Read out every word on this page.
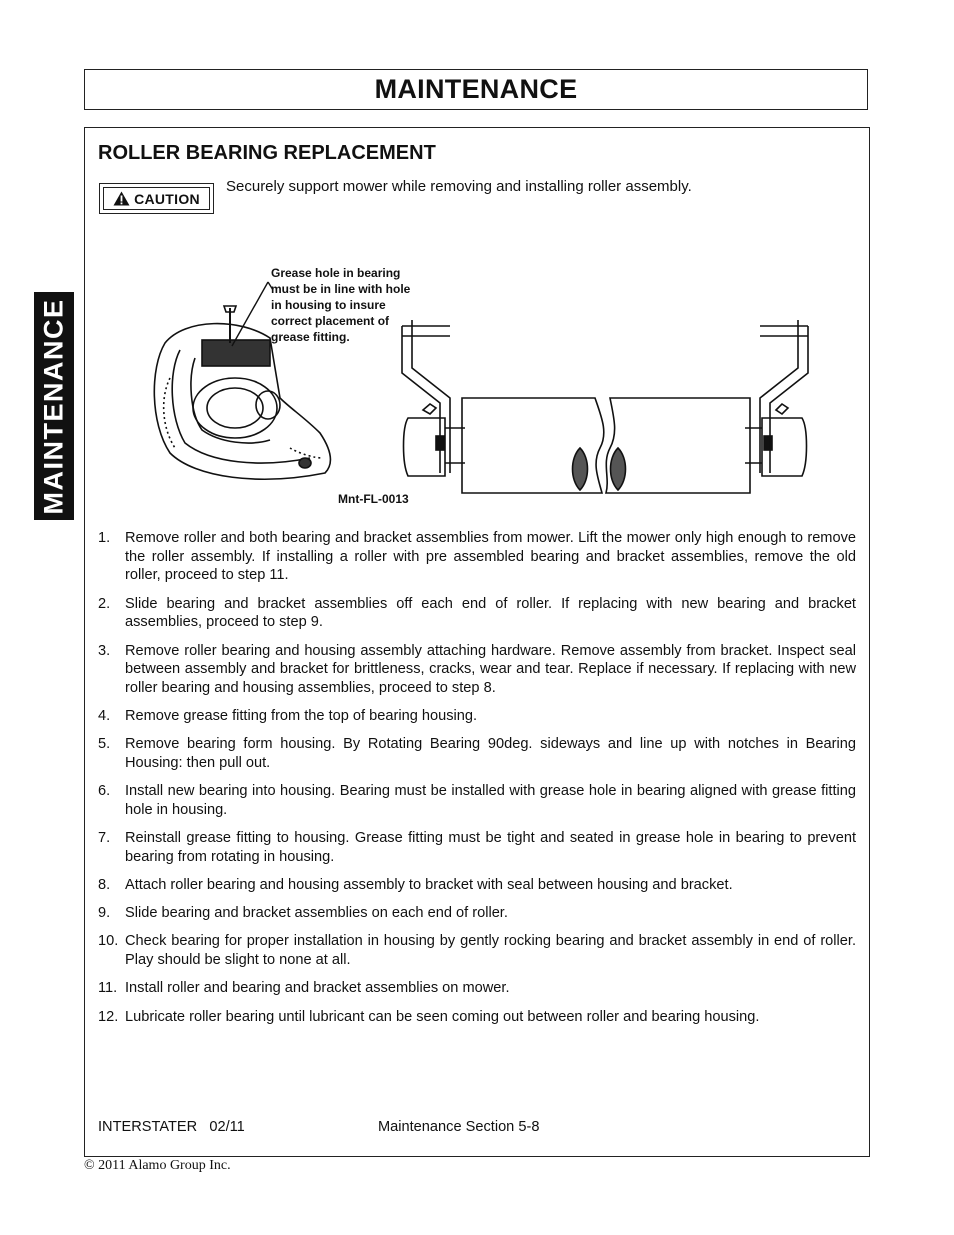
MAINTENANCE
MAINTENANCE
ROLLER BEARING REPLACEMENT
CAUTION
Securely support mower while removing and installing roller assembly.
Grease hole in bearing
must be in line with hole
in housing to insure
correct placement of
grease fitting.
Mnt-FL-0013
1. Remove roller and both bearing and bracket assemblies from mower. Lift the mower only high enough to remove the roller assembly. If installing a roller with pre assembled bearing and bracket assemblies, remove the old roller, proceed to step 11.
2. Slide bearing and bracket assemblies off each end of roller. If replacing with new bearing and bracket assemblies, proceed to step 9.
3. Remove roller bearing and housing assembly attaching hardware. Remove assembly from bracket. Inspect seal between assembly and bracket for brittleness, cracks, wear and tear. Replace if necessary. If replacing with new roller bearing and housing assemblies, proceed to step 8.
4. Remove grease fitting from the top of bearing housing.
5. Remove bearing form housing. By Rotating Bearing 90deg. sideways and line up with notches in Bearing Housing: then pull out.
6. Install new bearing into housing. Bearing must be installed with grease hole in bearing aligned with grease fitting hole in housing.
7. Reinstall grease fitting to housing. Grease fitting must be tight and seated in grease hole in bearing to prevent bearing from rotating in housing.
8. Attach roller bearing and housing assembly to bracket with seal between housing and bracket.
9. Slide bearing and bracket assemblies on each end of roller.
10. Check bearing for proper installation in housing by gently rocking bearing and bracket assembly in end of roller. Play should be slight to none at all.
11. Install roller and bearing and bracket assemblies on mower.
12. Lubricate roller bearing until lubricant can be seen coming out between roller and bearing housing.
INTERSTATER   02/11	Maintenance Section 5-8
© 2011 Alamo Group Inc.
